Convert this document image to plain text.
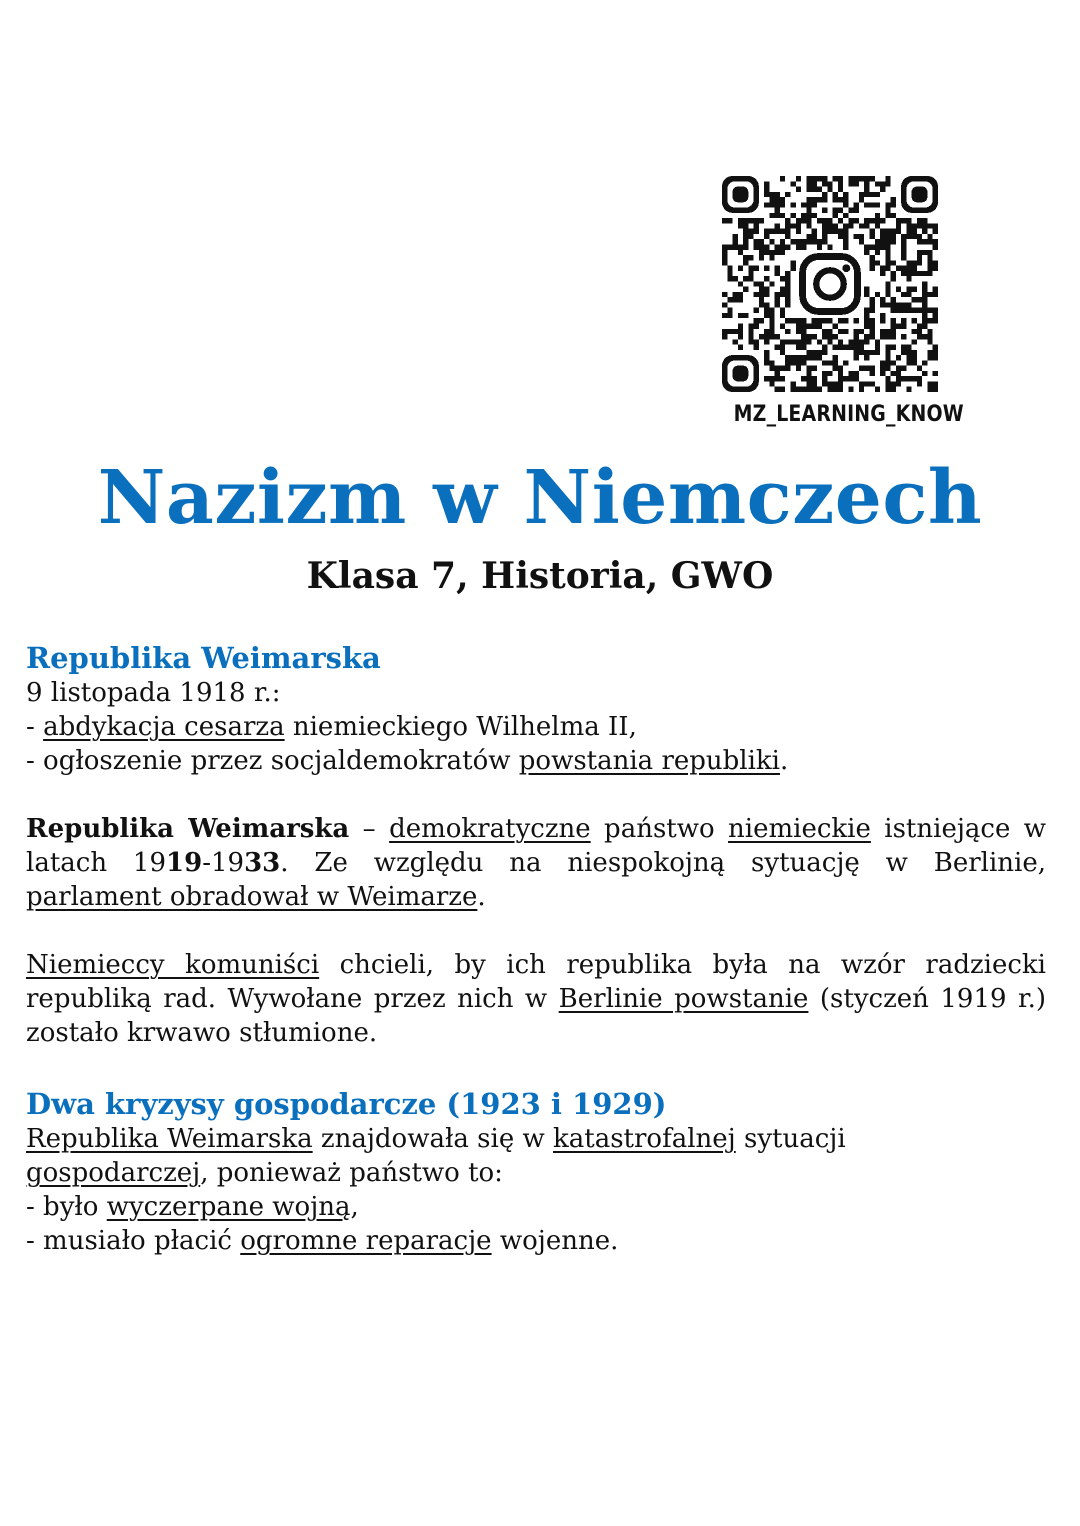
MZ_LEARNING_KNOW
Nazizm w Niemczech
Klasa 7, Historia, GWO

Republika Weimarska

9 listopada 1918 r.:

- abdykacja cesarza niemieckiego Wilhelma II,

- ogłoszenie przez socjaldemokratów powstania republiki.

Republika Weimarska – demokratyczne państwo niemieckie istniejące w latach 1919-1933. Ze względu na niespokojną sytuację w Berlinie, parlament obradował w Weimarze.

Niemieccy komuniści chcieli, by ich republika była na wzór radziecki republiką rad. Wywołane przez nich w Berlinie powstanie (styczeń 1919 r.) zostało krwawo stłumione.

Dwa kryzysy gospodarcze (1923 i 1929)

Republika Weimarska znajdowała się w katastrofalnej sytuacji
gospodarczej, ponieważ państwo to:

- było wyczerpane wojną,

- musiało płacić ogromne reparacje wojenne.
